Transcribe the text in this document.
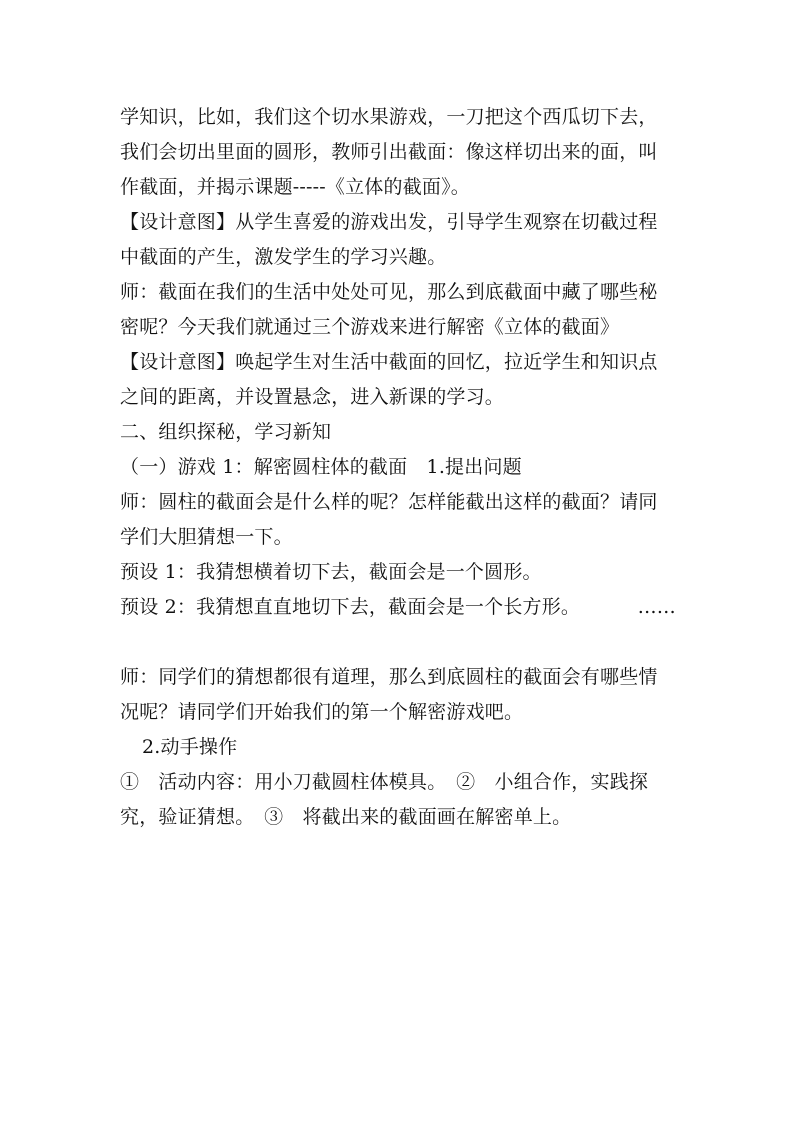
学知识，比如，我们这个切水果游戏，一刀把这个西瓜切下去，我们会切出里面的圆形，教师引出截面：像这样切出来的面，叫作截面，并揭示课题-----《立体的截面》。

【设计意图】从学生喜爱的游戏出发，引导学生观察在切截过程中截面的产生，激发学生的学习兴趣。

师：截面在我们的生活中处处可见，那么到底截面中藏了哪些秘密呢？今天我们就通过三个游戏来进行解密《立体的截面》

【设计意图】唤起学生对生活中截面的回忆，拉近学生和知识点之间的距离，并设置悬念，进入新课的学习。

二、组织探秘，学习新知

（一）游戏 1：解密圆柱体的截面　1.提出问题

师：圆柱的截面会是什么样的呢？怎样能截出这样的截面？请同学们大胆猜想一下。

预设 1：我猜想横着切下去，截面会是一个圆形。

预设 2：我猜想直直地切下去，截面会是一个长方形。	……

师：同学们的猜想都很有道理，那么到底圆柱的截面会有哪些情况呢？请同学们开始我们的第一个解密游戏吧。

2.动手操作

①　活动内容：用小刀截圆柱体模具。　②　小组合作，实践探究，验证猜想。　③　将截出来的截面画在解密单上。
